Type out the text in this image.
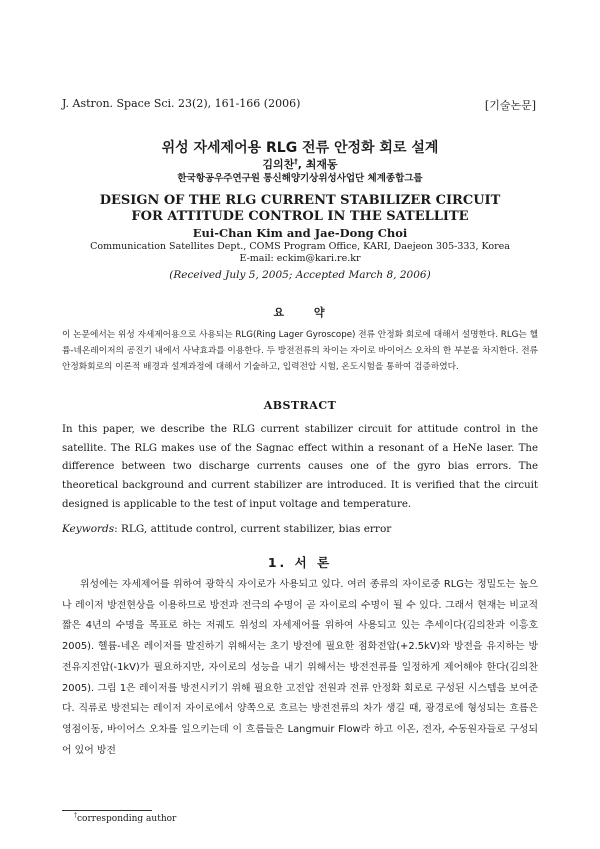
J. Astron. Space Sci. 23(2), 161-166 (2006)	[기술논문]
위성 자세제어용 RLG 전류 안정화 회로 설계
김의찬†, 최재동
한국항공우주연구원 통신해양기상위성사업단 체계종합그룹
DESIGN OF THE RLG CURRENT STABILIZER CIRCUIT
FOR ATTITUDE CONTROL IN THE SATELLITE
Eui-Chan Kim and Jae-Dong Choi
Communication Satellites Dept., COMS Program Office, KARI, Daejeon 305-333, Korea
E-mail: eckim@kari.re.kr
(Received July 5, 2005; Accepted March 8, 2006)
요 약

이 논문에서는 위성 자세제어용으로 사용되는 RLG(Ring Lager Gyroscope) 전류 안정화 회로에 대해서 설명한다. RLG는 헬륨-네온레이저의 공진기 내에서 사냑효과를 이용한다. 두 방전전류의 차이는 자이로 바이어스 오차의 한 부분을 차지한다. 전류 안정화회로의 이론적 배경과 설계과정에 대해서 기술하고, 입력전압 시험, 온도시험을 통하여 검증하였다.

ABSTRACT

In this paper, we describe the RLG current stabilizer circuit for attitude control in the satellite. The RLG makes use of the Sagnac effect within a resonant of a HeNe laser. The difference between two discharge currents causes one of the gyro bias errors. The theoretical background and current stabilizer are introduced. It is verified that the circuit designed is applicable to the test of input voltage and temperature.

Keywords: RLG, attitude control, current stabilizer, bias error
1. 서 론

위성에는 자세제어를 위하여 광학식 자이로가 사용되고 있다. 여러 종류의 자이로중 RLG는 정밀도는 높으나 레이저 방전현상을 이용하므로 방전과 전극의 수명이 곧 자이로의 수명이 될 수 있다. 그래서 현재는 비교적 짧은 4년의 수명을 목표로 하는 저궤도 위성의 자세제어를 위하여 사용되고 있는 추세이다(김의찬과 이흥호 2005). 헬륨-네온 레이저를 발진하기 위해서는 초기 방전에 필요한 점화전압(+2.5kV)와 방전을 유지하는 방전유지전압(-1kV)가 필요하지만, 자이로의 성능을 내기 위해서는 방전전류를 일정하게 제어해야 한다(김의찬 2005). 그림 1은 레이저를 방전시키기 위해 필요한 고전압 전원과 전류 안정화 회로로 구성된 시스템을 보여준다. 직류로 방전되는 레이저 자이로에서 양쪽으로 흐르는 방전전류의 차가 생길 때, 광경로에 형성되는 흐름은 영점이동, 바이어스 오차를 일으키는데 이 흐름들은 Langmuir Flow라 하고 이온, 전자, 수동원자들로 구성되어 있어 방전

†corresponding author
